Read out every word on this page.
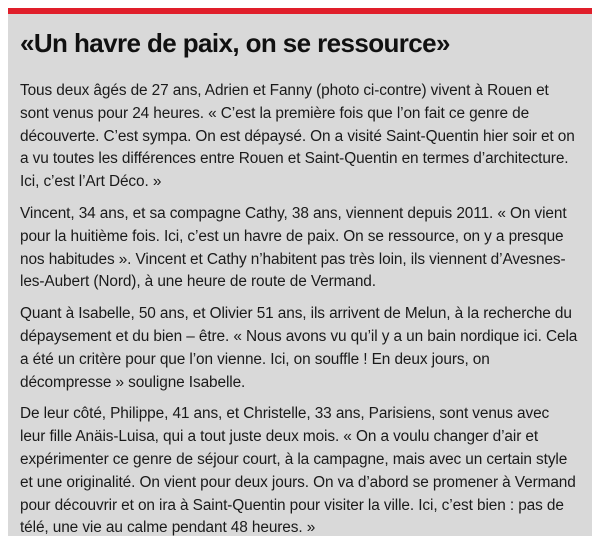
«Un havre de paix, on se ressource»

Tous deux âgés de 27 ans, Adrien et Fanny (photo ci-contre) vivent à Rouen et sont venus pour 24 heures. « C’est la première fois que l’on fait ce genre de découverte. C’est sympa. On est dépaysé. On a visité Saint-Quentin hier soir et on a vu toutes les différences entre Rouen et Saint-Quentin en termes d’architecture. Ici, c’est l’Art Déco. »

Vincent, 34 ans, et sa compagne Cathy, 38 ans, viennent depuis 2011. « On vient pour la huitième fois. Ici, c’est un havre de paix. On se ressource, on y a presque nos habitudes ». Vincent et Cathy n’habitent pas très loin, ils viennent d’Avesnes-les-Aubert (Nord), à une heure de route de Vermand.

Quant à Isabelle, 50 ans, et Olivier 51 ans, ils arrivent de Melun, à la recherche du dépaysement et du bien – être. « Nous avons vu qu’il y a un bain nordique ici. Cela a été un critère pour que l’on vienne. Ici, on souffle ! En deux jours, on décompresse » souligne Isabelle.

De leur côté, Philippe, 41 ans, et Christelle, 33 ans, Parisiens, sont venus avec leur fille Anäis-Luisa, qui a tout juste deux mois. « On a voulu changer d’air et expérimenter ce genre de séjour court, à la campagne, mais avec un certain style et une originalité. On vient pour deux jours. On va d’abord se promener à Vermand pour découvrir et on ira à Saint-Quentin pour visiter la ville. Ici, c’est bien : pas de télé, une vie au calme pendant 48 heures. »
